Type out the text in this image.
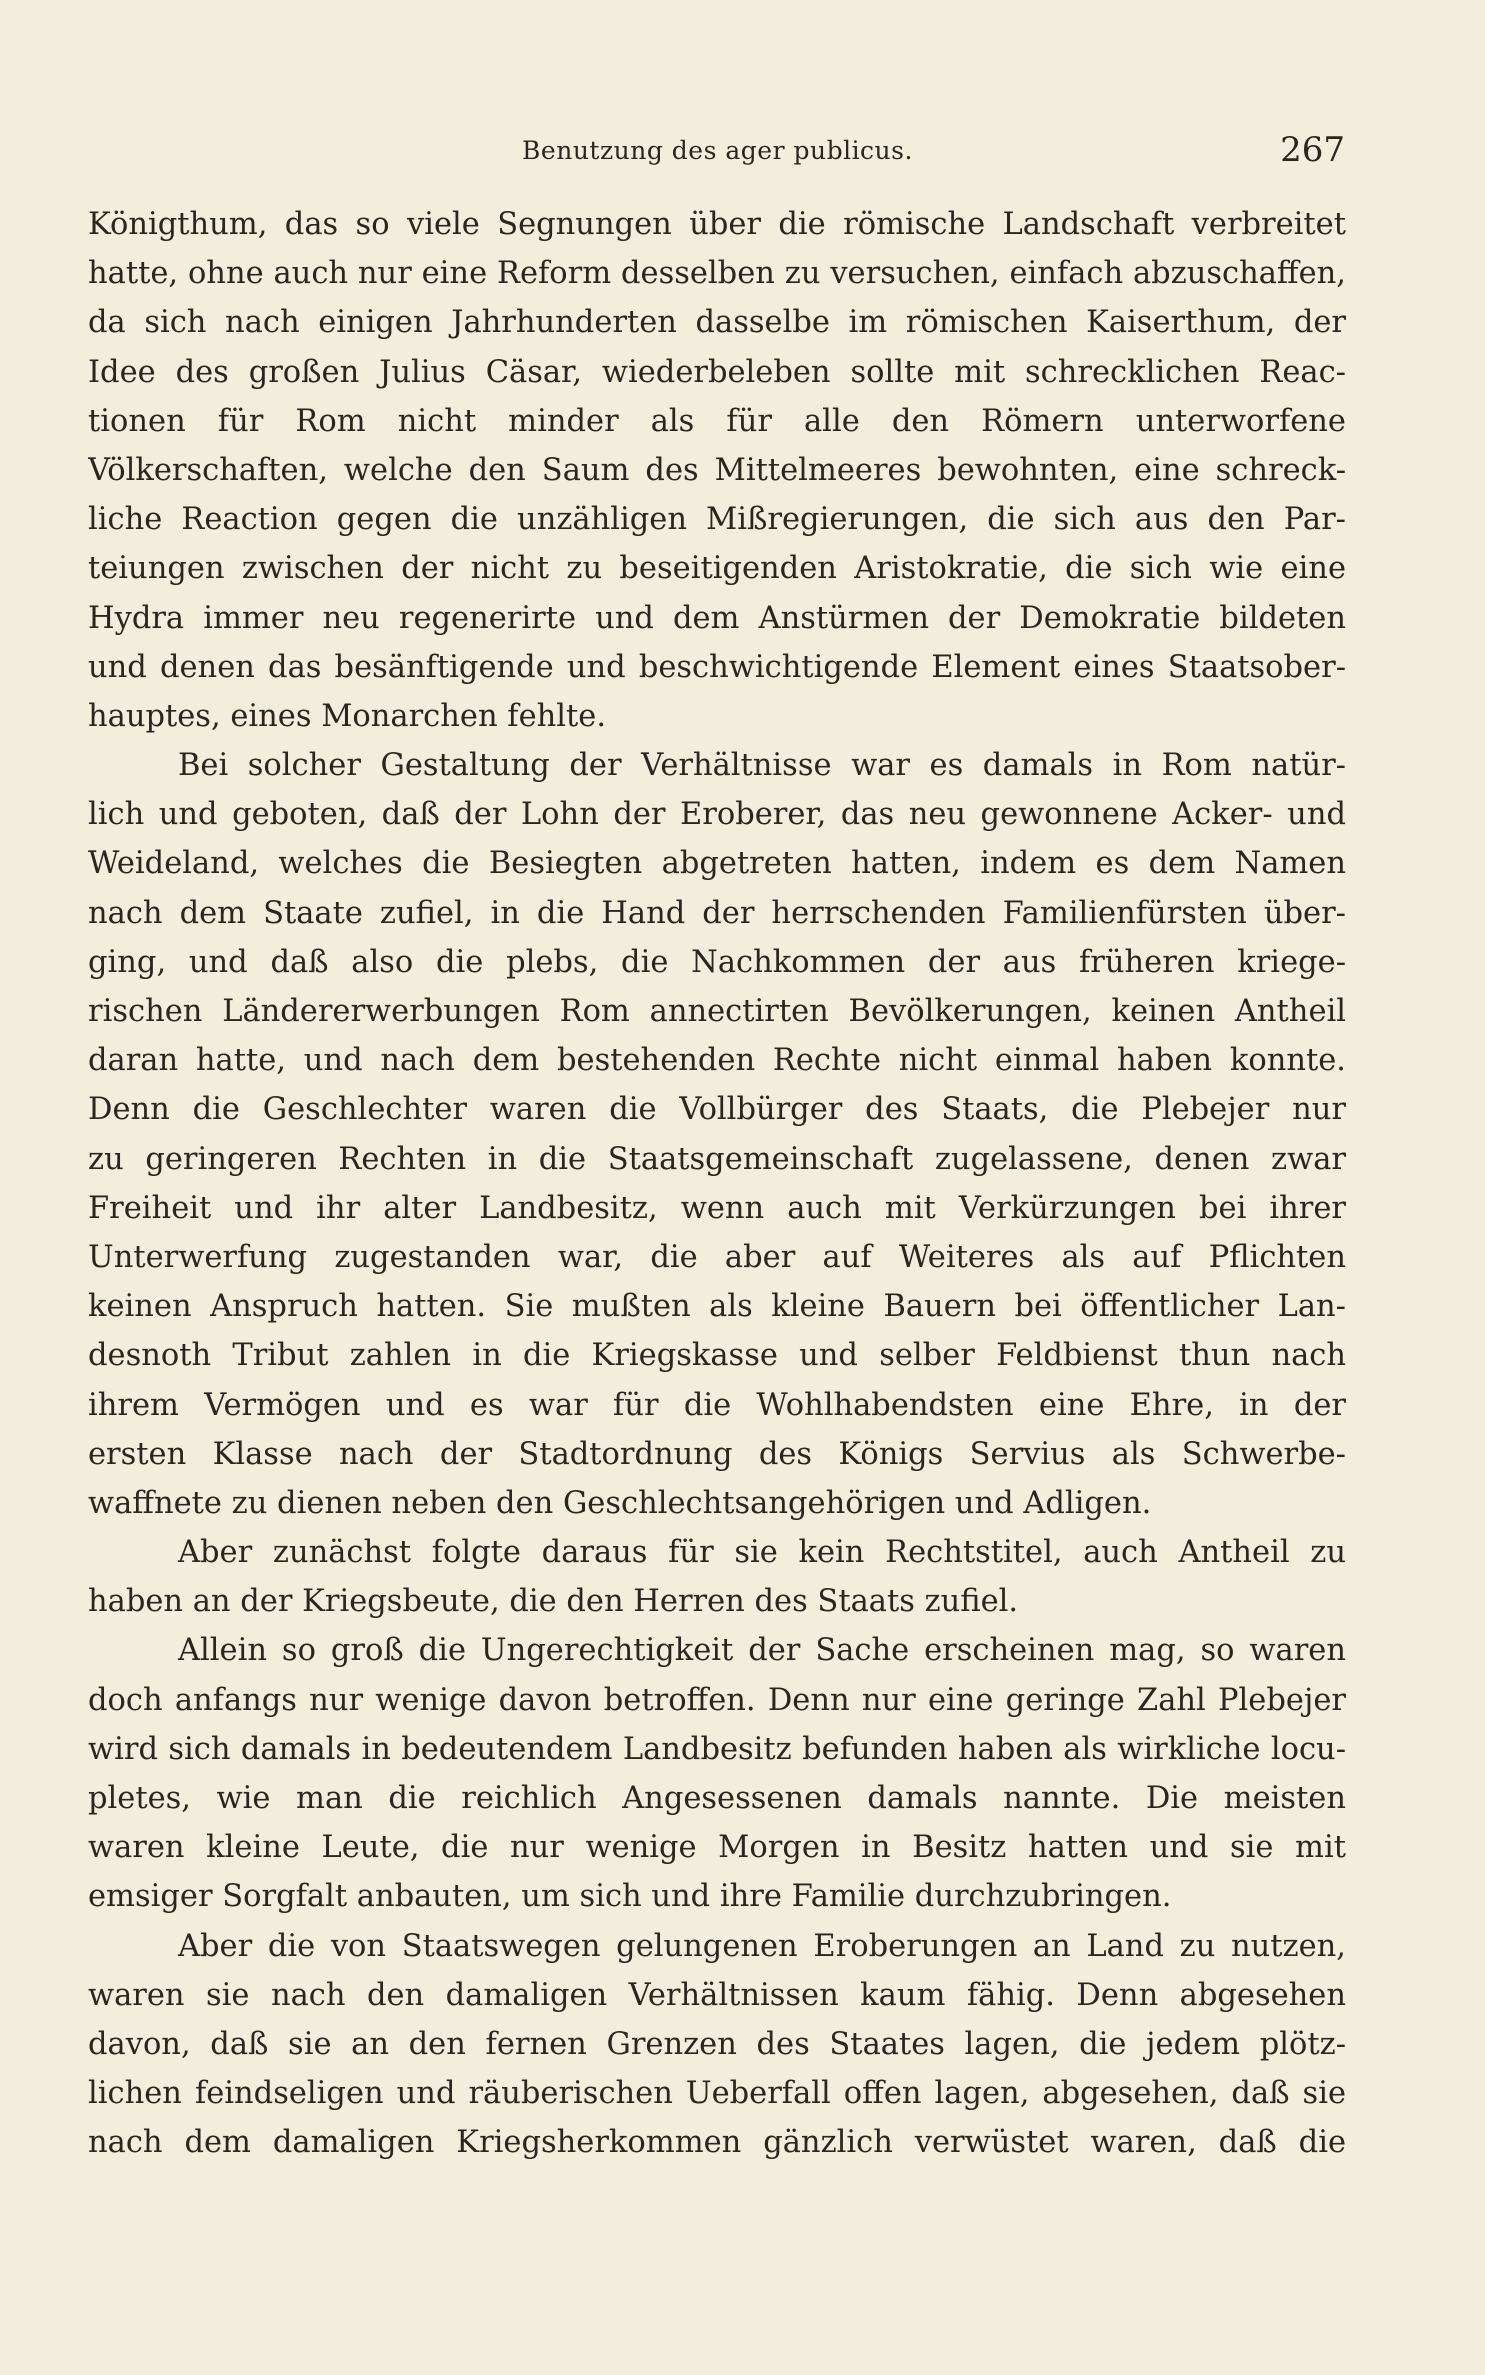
Benutzung des ager publicus.	267
Königthum, das so viele Segnungen über die römische Landschaft verbreitet
hatte, ohne auch nur eine Reform desselben zu versuchen, einfach abzuschaffen,
da sich nach einigen Jahrhunderten dasselbe im römischen Kaiserthum, der
Idee des großen Julius Cäsar, wiederbeleben sollte mit schrecklichen Reac-
tionen für Rom nicht minder als für alle den Römern unterworfene
Völkerschaften, welche den Saum des Mittelmeeres bewohnten, eine schreck-
liche Reaction gegen die unzähligen Mißregierungen, die sich aus den Par-
teiungen zwischen der nicht zu beseitigenden Aristokratie, die sich wie eine
Hydra immer neu regenerirte und dem Anstürmen der Demokratie bildeten
und denen das besänftigende und beschwichtigende Element eines Staatsober-
hauptes, eines Monarchen fehlte.
Bei solcher Gestaltung der Verhältnisse war es damals in Rom natür-
lich und geboten, daß der Lohn der Eroberer, das neu gewonnene Acker- und
Weideland, welches die Besiegten abgetreten hatten, indem es dem Namen
nach dem Staate zufiel, in die Hand der herrschenden Familienfürsten über-
ging, und daß also die plebs, die Nachkommen der aus früheren kriege-
rischen Ländererwerbungen Rom annectirten Bevölkerungen, keinen Antheil
daran hatte, und nach dem bestehenden Rechte nicht einmal haben konnte.
Denn die Geschlechter waren die Vollbürger des Staats, die Plebejer nur
zu geringeren Rechten in die Staatsgemeinschaft zugelassene, denen zwar
Freiheit und ihr alter Landbesitz, wenn auch mit Verkürzungen bei ihrer
Unterwerfung zugestanden war, die aber auf Weiteres als auf Pflichten
keinen Anspruch hatten. Sie mußten als kleine Bauern bei öffentlicher Lan-
desnoth Tribut zahlen in die Kriegskasse und selber Feldbienst thun nach
ihrem Vermögen und es war für die Wohlhabendsten eine Ehre, in der
ersten Klasse nach der Stadtordnung des Königs Servius als Schwerbe-
waffnete zu dienen neben den Geschlechtsangehörigen und Adligen.
Aber zunächst folgte daraus für sie kein Rechtstitel, auch Antheil zu
haben an der Kriegsbeute, die den Herren des Staats zufiel.
Allein so groß die Ungerechtigkeit der Sache erscheinen mag, so waren
doch anfangs nur wenige davon betroffen. Denn nur eine geringe Zahl Plebejer
wird sich damals in bedeutendem Landbesitz befunden haben als wirkliche locu-
pletes, wie man die reichlich Angesessenen damals nannte. Die meisten
waren kleine Leute, die nur wenige Morgen in Besitz hatten und sie mit
emsiger Sorgfalt anbauten, um sich und ihre Familie durchzubringen.
Aber die von Staatswegen gelungenen Eroberungen an Land zu nutzen,
waren sie nach den damaligen Verhältnissen kaum fähig. Denn abgesehen
davon, daß sie an den fernen Grenzen des Staates lagen, die jedem plötz-
lichen feindseligen und räuberischen Ueberfall offen lagen, abgesehen, daß sie
nach dem damaligen Kriegsherkommen gänzlich verwüstet waren, daß die
